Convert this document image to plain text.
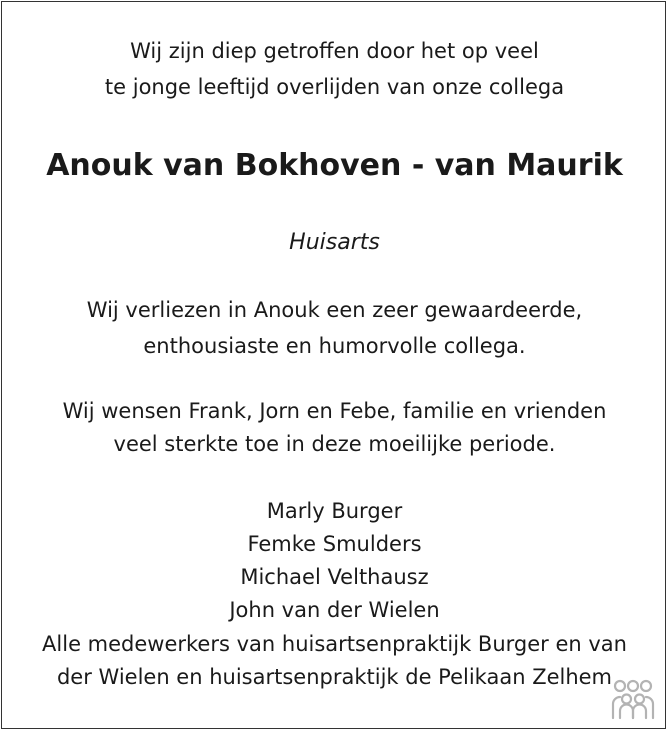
Wij zijn diep getroffen door het op veel
te jonge leeftijd overlijden van onze collega
Anouk van Bokhoven - van Maurik
Huisarts
Wij verliezen in Anouk een zeer gewaardeerde,
enthousiaste en humorvolle collega.
Wij wensen Frank, Jorn en Febe, familie en vrienden
veel sterkte toe in deze moeilijke periode.
Marly Burger
Femke Smulders
Michael Velthausz
John van der Wielen
Alle medewerkers van huisartsenpraktijk Burger en van
der Wielen en huisartsenpraktijk de Pelikaan Zelhem
